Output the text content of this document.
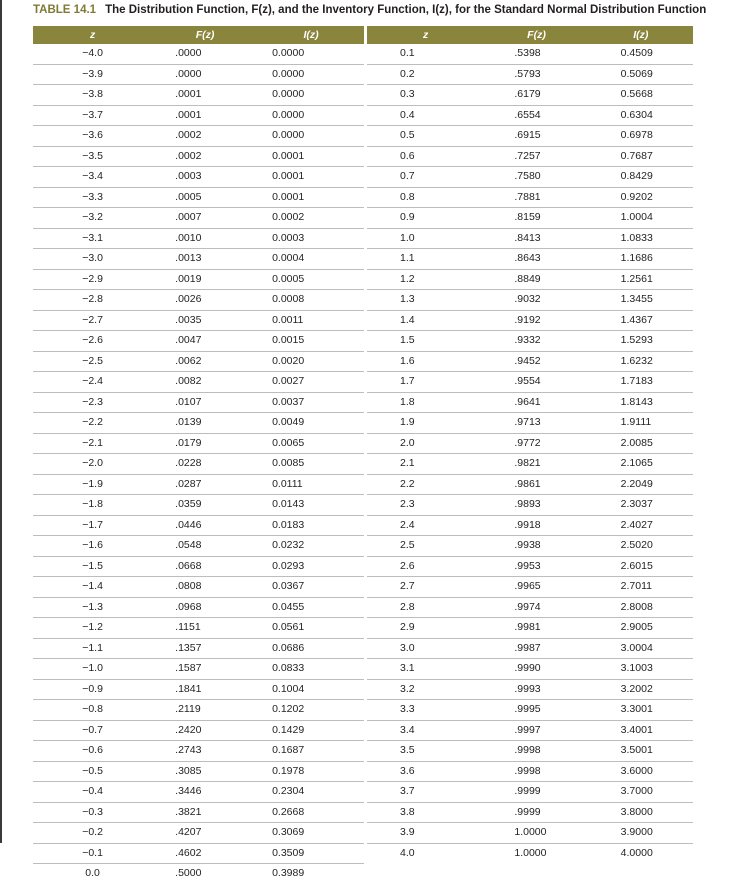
TABLE 14.1 The Distribution Function, F(z), and the Inventory Function, I(z), for the Standard Normal Distribution Function
z	F(z)	I(z)
−4.0	.0000	0.0000
−3.9	.0000	0.0000
−3.8	.0001	0.0000
−3.7	.0001	0.0000
−3.6	.0002	0.0000
−3.5	.0002	0.0001
−3.4	.0003	0.0001
−3.3	.0005	0.0001
−3.2	.0007	0.0002
−3.1	.0010	0.0003
−3.0	.0013	0.0004
−2.9	.0019	0.0005
−2.8	.0026	0.0008
−2.7	.0035	0.0011
−2.6	.0047	0.0015
−2.5	.0062	0.0020
−2.4	.0082	0.0027
−2.3	.0107	0.0037
−2.2	.0139	0.0049
−2.1	.0179	0.0065
−2.0	.0228	0.0085
−1.9	.0287	0.0111
−1.8	.0359	0.0143
−1.7	.0446	0.0183
−1.6	.0548	0.0232
−1.5	.0668	0.0293
−1.4	.0808	0.0367
−1.3	.0968	0.0455
−1.2	.1151	0.0561
−1.1	.1357	0.0686
−1.0	.1587	0.0833
−0.9	.1841	0.1004
−0.8	.2119	0.1202
−0.7	.2420	0.1429
−0.6	.2743	0.1687
−0.5	.3085	0.1978
−0.4	.3446	0.2304
−0.3	.3821	0.2668
−0.2	.4207	0.3069
−0.1	.4602	0.3509
0.0	.5000	0.3989
z	F(z)	I(z)
0.1	.5398	0.4509
0.2	.5793	0.5069
0.3	.6179	0.5668
0.4	.6554	0.6304
0.5	.6915	0.6978
0.6	.7257	0.7687
0.7	.7580	0.8429
0.8	.7881	0.9202
0.9	.8159	1.0004
1.0	.8413	1.0833
1.1	.8643	1.1686
1.2	.8849	1.2561
1.3	.9032	1.3455
1.4	.9192	1.4367
1.5	.9332	1.5293
1.6	.9452	1.6232
1.7	.9554	1.7183
1.8	.9641	1.8143
1.9	.9713	1.9111
2.0	.9772	2.0085
2.1	.9821	2.1065
2.2	.9861	2.2049
2.3	.9893	2.3037
2.4	.9918	2.4027
2.5	.9938	2.5020
2.6	.9953	2.6015
2.7	.9965	2.7011
2.8	.9974	2.8008
2.9	.9981	2.9005
3.0	.9987	3.0004
3.1	.9990	3.1003
3.2	.9993	3.2002
3.3	.9995	3.3001
3.4	.9997	3.4001
3.5	.9998	3.5001
3.6	.9998	3.6000
3.7	.9999	3.7000
3.8	.9999	3.8000
3.9	1.0000	3.9000
4.0	1.0000	4.0000
